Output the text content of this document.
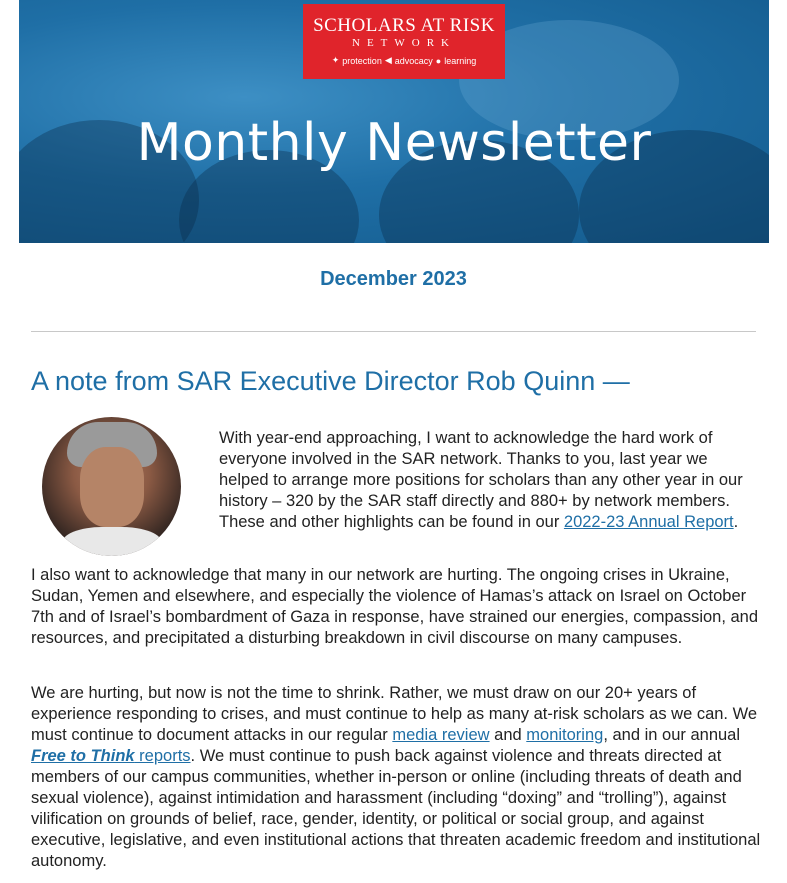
SCHOLARS AT RISK
NETWORK
✦ protection ◀ advocacy ● learning
Monthly Newsletter
December 2023
A note from SAR Executive Director Rob Quinn —
With year-end approaching, I want to acknowledge the hard work of everyone involved in the SAR network. Thanks to you, last year we helped to arrange more positions for scholars than any other year in our history – 320 by the SAR staff directly and 880+ by network members. These and other highlights can be found in our 2022-23 Annual Report.
I also want to acknowledge that many in our network are hurting. The ongoing crises in Ukraine, Sudan, Yemen and elsewhere, and especially the violence of Hamas’s attack on Israel on October 7th and of Israel’s bombardment of Gaza in response, have strained our energies, compassion, and resources, and precipitated a disturbing breakdown in civil discourse on many campuses.
We are hurting, but now is not the time to shrink. Rather, we must draw on our 20+ years of experience responding to crises, and must continue to help as many at-risk scholars as we can. We must continue to document attacks in our regular media review and monitoring, and in our annual Free to Think reports. We must continue to push back against violence and threats directed at members of our campus communities, whether in-person or online (including threats of death and sexual violence), against intimidation and harassment (including “doxing” and “trolling”), against vilification on grounds of belief, race, gender, identity, or political or social group, and against executive, legislative, and even institutional actions that threaten academic freedom and institutional autonomy.
